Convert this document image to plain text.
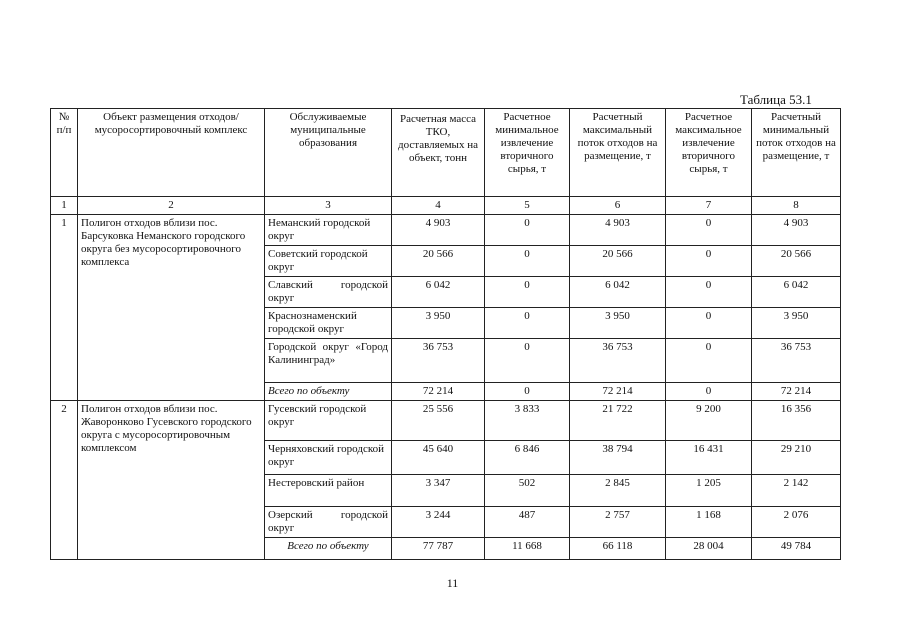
Таблица 53.1
№ п/п	Объект размещения отходов/ мусоросортировочный комплекс	Обслуживаемые муниципальные образования	Расчетная масса ТКО, доставляемых на объект, тонн	Расчетное минимальное извлечение вторичного сырья, т	Расчетный максимальный поток отходов на размещение, т	Расчетное максимальное извлечение вторичного сырья, т	Расчетный минимальный поток отходов на размещение, т
1	2	3	4	5	6	7	8
1	Полигон отходов вблизи пос. Барсуковка Неманского городского округа без мусоросортировочного комплекса	Неманский городской округ	4 903	0	4 903	0	4 903
		Советский городской округ	20 566	0	20 566	0	20 566
		Славский городской округ	6 042	0	6 042	0	6 042
		Краснознаменский городской округ	3 950	0	3 950	0	3 950
		Городской округ «Город Калининград»	36 753	0	36 753	0	36 753
		Всего по объекту	72 214	0	72 214	0	72 214
2	Полигон отходов вблизи пос. Жаворонково Гусевского городского округа с мусоросортировочным комплексом	Гусевский городской округ	25 556	3 833	21 722	9 200	16 356
		Черняховский городской округ	45 640	6 846	38 794	16 431	29 210
		Нестеровский район	3 347	502	2 845	1 205	2 142
		Озерский городской округ	3 244	487	2 757	1 168	2 076
		Всего по объекту	77 787	11 668	66 118	28 004	49 784
11
